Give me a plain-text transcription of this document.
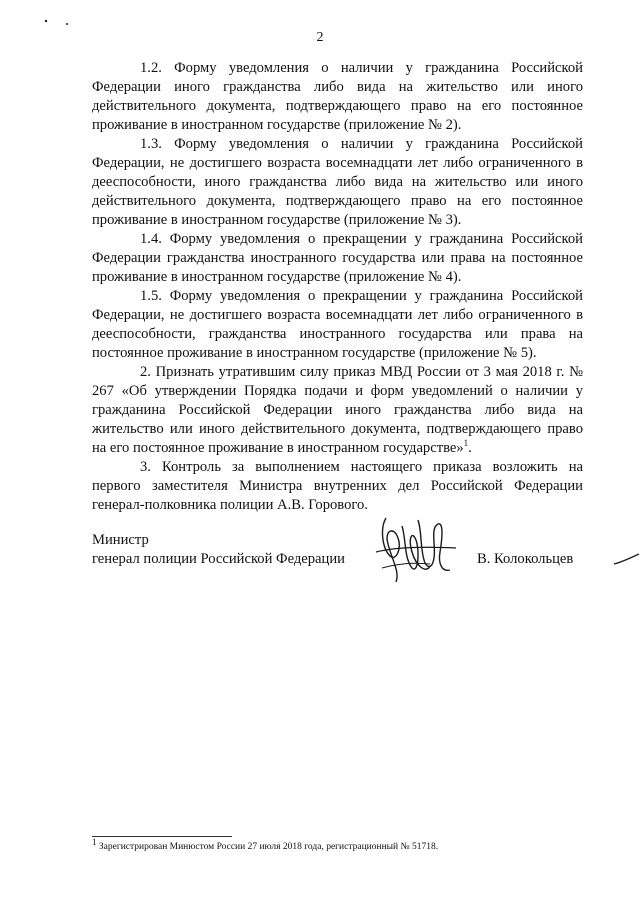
2

1.2. Форму уведомления о наличии у гражданина Российской Федерации иного гражданства либо вида на жительство или иного действительного документа, подтверждающего право на его постоянное проживание в иностранном государстве (приложение № 2).

1.3. Форму уведомления о наличии у гражданина Российской Федерации, не достигшего возраста восемнадцати лет либо ограниченного в дееспособности, иного гражданства либо вида на жительство или иного действительного документа, подтверждающего право на его постоянное проживание в иностранном государстве (приложение № 3).

1.4. Форму уведомления о прекращении у гражданина Российской Федерации гражданства иностранного государства или права на постоянное проживание в иностранном государстве (приложение № 4).

1.5. Форму уведомления о прекращении у гражданина Российской Федерации, не достигшего возраста восемнадцати лет либо ограниченного в дееспособности, гражданства иностранного государства или права на постоянное проживание в иностранном государстве (приложение № 5).

2. Признать утратившим силу приказ МВД России от 3 мая 2018 г. № 267 «Об утверждении Порядка подачи и форм уведомлений о наличии у гражданина Российской Федерации иного гражданства либо вида на жительство или иного действительного документа, подтверждающего право на его постоянное проживание в иностранном государстве»$^1$.

3. Контроль за выполнением настоящего приказа возложить на первого заместителя Министра внутренних дел Российской Федерации генерал-полковника полиции А.В. Горового.

Министр
генерал полиции Российской Федерации	В. Колокольцев
$^1$ Зарегистрирован Минюстом России 27 июля 2018 года, регистрационный № 51718.
